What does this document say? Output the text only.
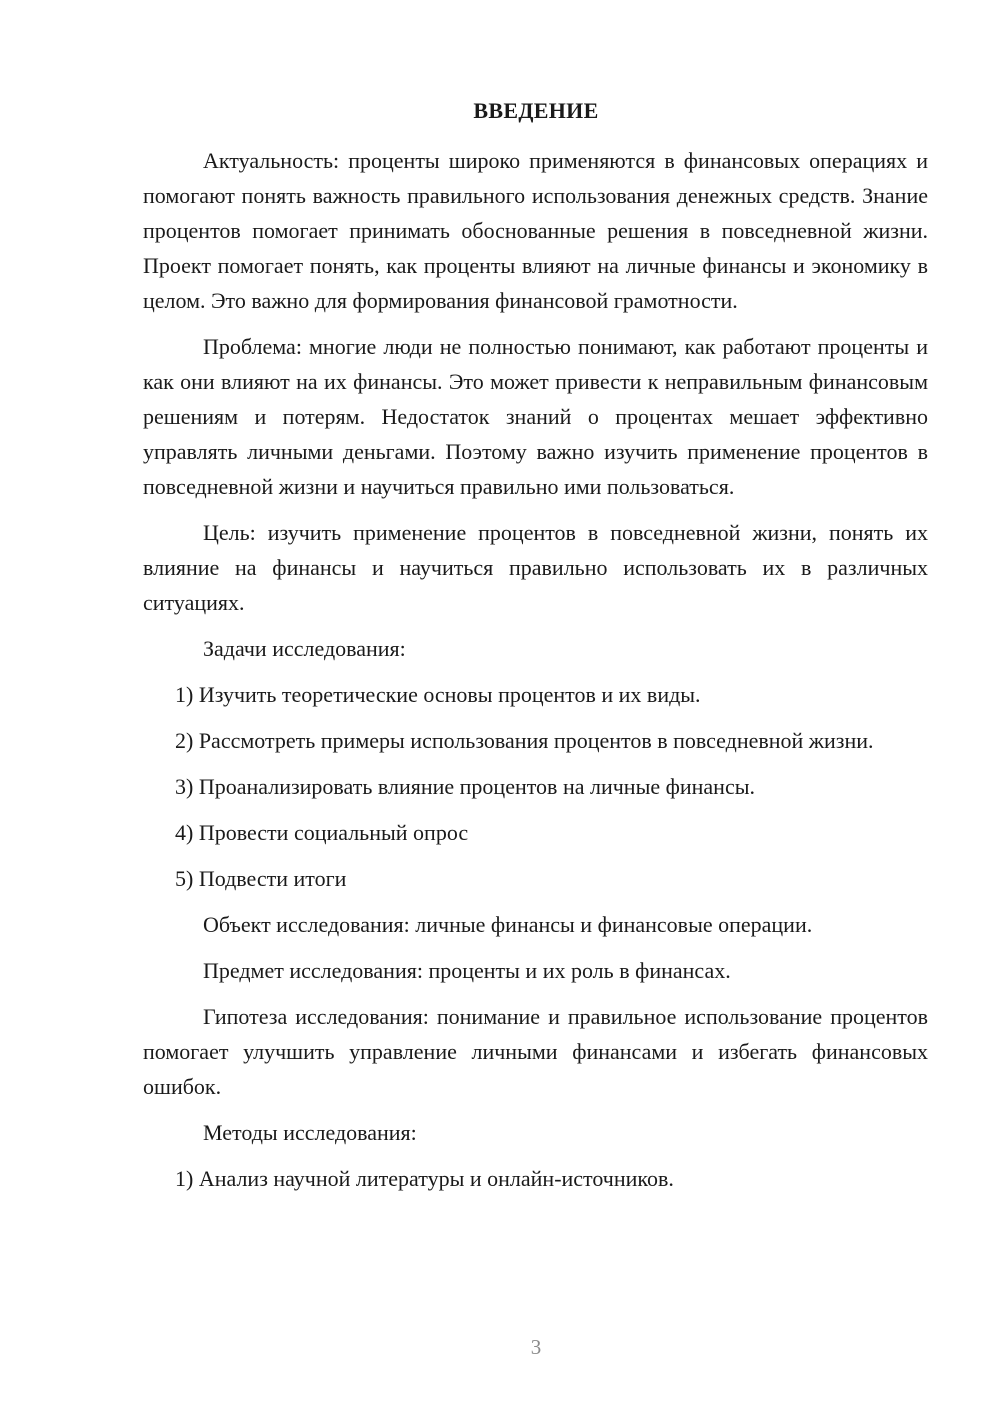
ВВЕДЕНИЕ

Актуальность: проценты широко применяются в финансовых операциях и помогают понять важность правильного использования денежных средств. Знание процентов помогает принимать обоснованные решения в повседневной жизни. Проект помогает понять, как проценты влияют на личные финансы и экономику в целом. Это важно для формирования финансовой грамотности.

Проблема: многие люди не полностью понимают, как работают проценты и как они влияют на их финансы. Это может привести к неправильным финансовым решениям и потерям. Недостаток знаний о процентах мешает эффективно управлять личными деньгами. Поэтому важно изучить применение процентов в повседневной жизни и научиться правильно ими пользоваться.

Цель: изучить применение процентов в повседневной жизни, понять их влияние на финансы и научиться правильно использовать их в различных ситуациях.

Задачи исследования:

1) Изучить теоретические основы процентов и их виды.

2) Рассмотреть примеры использования процентов в повседневной жизни.

3) Проанализировать влияние процентов на личные финансы.

4) Провести социальный опрос

5) Подвести итоги

Объект исследования: личные финансы и финансовые операции.

Предмет исследования: проценты и их роль в финансах.

Гипотеза исследования: понимание и правильное использование процентов помогает улучшить управление личными финансами и избегать финансовых ошибок.

Методы исследования:

1) Анализ научной литературы и онлайн-источников.

3
